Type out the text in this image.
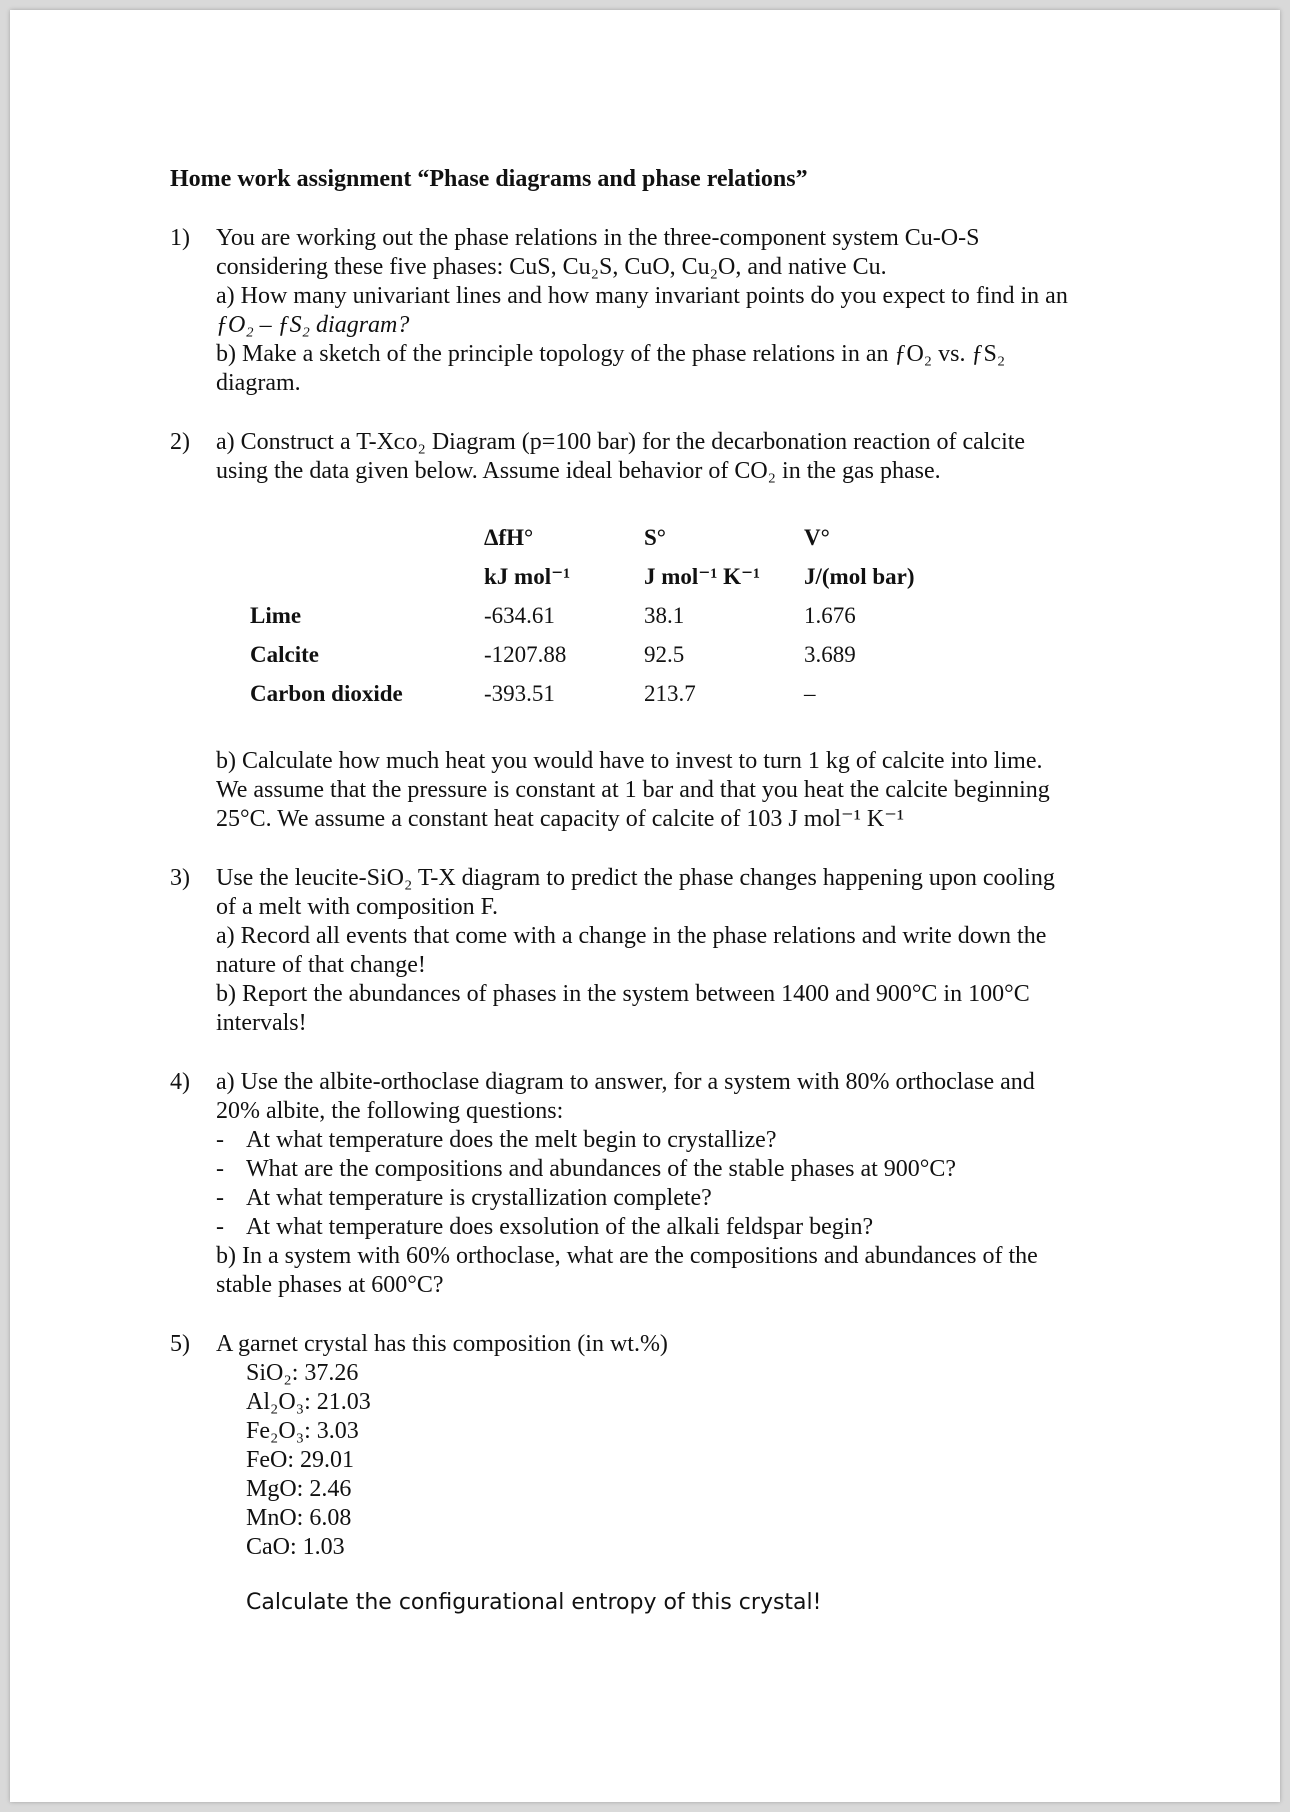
Home work assignment “Phase diagrams and phase relations”
1)	You are working out the phase relations in the three-component system Cu-O-S
considering these five phases: CuS, Cu₂S, CuO, Cu₂O, and native Cu.
a) How many univariant lines and how many invariant points do you expect to find in an
ƒO₂ – ƒS₂ diagram?
b) Make a sketch of the principle topology of the phase relations in an ƒO₂ vs. ƒS₂
diagram.
2)	a) Construct a T-Xᴄᴏ₂ Diagram (p=100 bar) for the decarbonation reaction of calcite
using the data given below. Assume ideal behavior of CO₂ in the gas phase.
	ΔfH°	S°	V°
	kJ mol⁻¹	J mol⁻¹ K⁻¹	J/(mol bar)
Lime	-634.61	38.1	1.676
Calcite	-1207.88	92.5	3.689
Carbon dioxide	-393.51	213.7	–
b) Calculate how much heat you would have to invest to turn 1 kg of calcite into lime.
We assume that the pressure is constant at 1 bar and that you heat the calcite beginning
25°C. We assume a constant heat capacity of calcite of 103 J mol⁻¹ K⁻¹
3)	Use the leucite-SiO₂ T-X diagram to predict the phase changes happening upon cooling
of a melt with composition F.
a) Record all events that come with a change in the phase relations and write down the
nature of that change!
b) Report the abundances of phases in the system between 1400 and 900°C in 100°C
intervals!
4)	a) Use the albite-orthoclase diagram to answer, for a system with 80% orthoclase and
20% albite, the following questions:
- At what temperature does the melt begin to crystallize?
- What are the compositions and abundances of the stable phases at 900°C?
- At what temperature is crystallization complete?
- At what temperature does exsolution of the alkali feldspar begin?
b) In a system with 60% orthoclase, what are the compositions and abundances of the
stable phases at 600°C?
5)	A garnet crystal has this composition (in wt.%)
SiO₂: 37.26
Al₂O₃: 21.03
Fe₂O₃: 3.03
FeO: 29.01
MgO: 2.46
MnO: 6.08
CaO: 1.03
Calculate the configurational entropy of this crystal!
